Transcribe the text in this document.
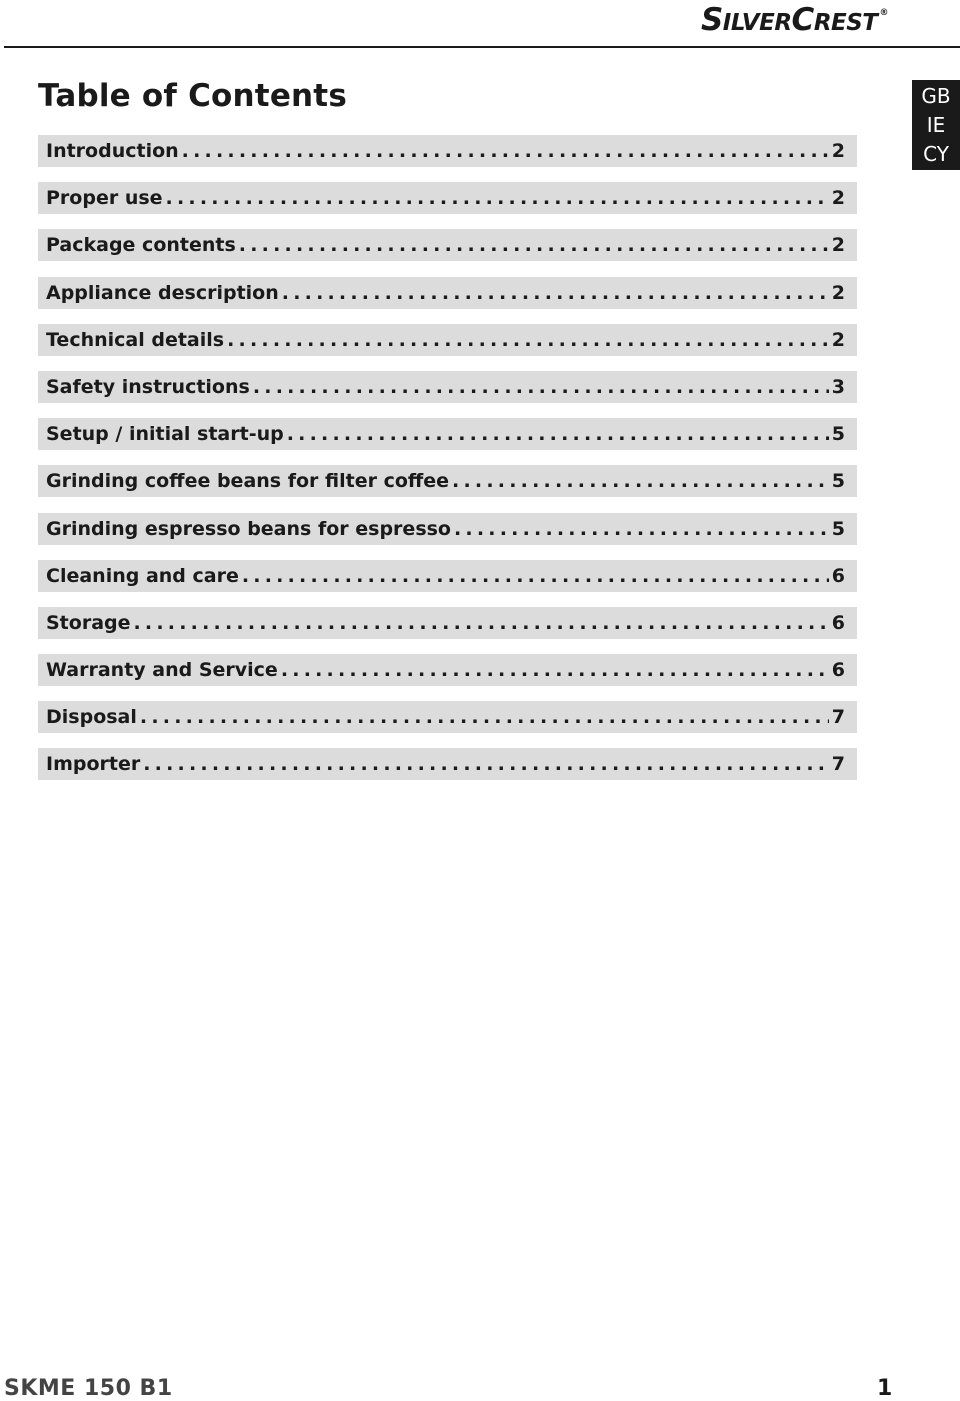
SILVERCREST ®
Table of Contents	GB
IE
CY
Introduction . . .	2
Proper use . . .	2
Package contents . . .	2
Appliance description . . .	2
Technical details . . .	2
Safety instructions . . .	3
Setup / initial start-up . . .	5
Grinding coffee beans for filter coffee . . .	5
Grinding espresso beans for espresso . . .	5
Cleaning and care . . .	6
Storage . . .	6
Warranty and Service . . .	6
Disposal . . .	7
Importer . . .	7
SKME 150 B1	1
